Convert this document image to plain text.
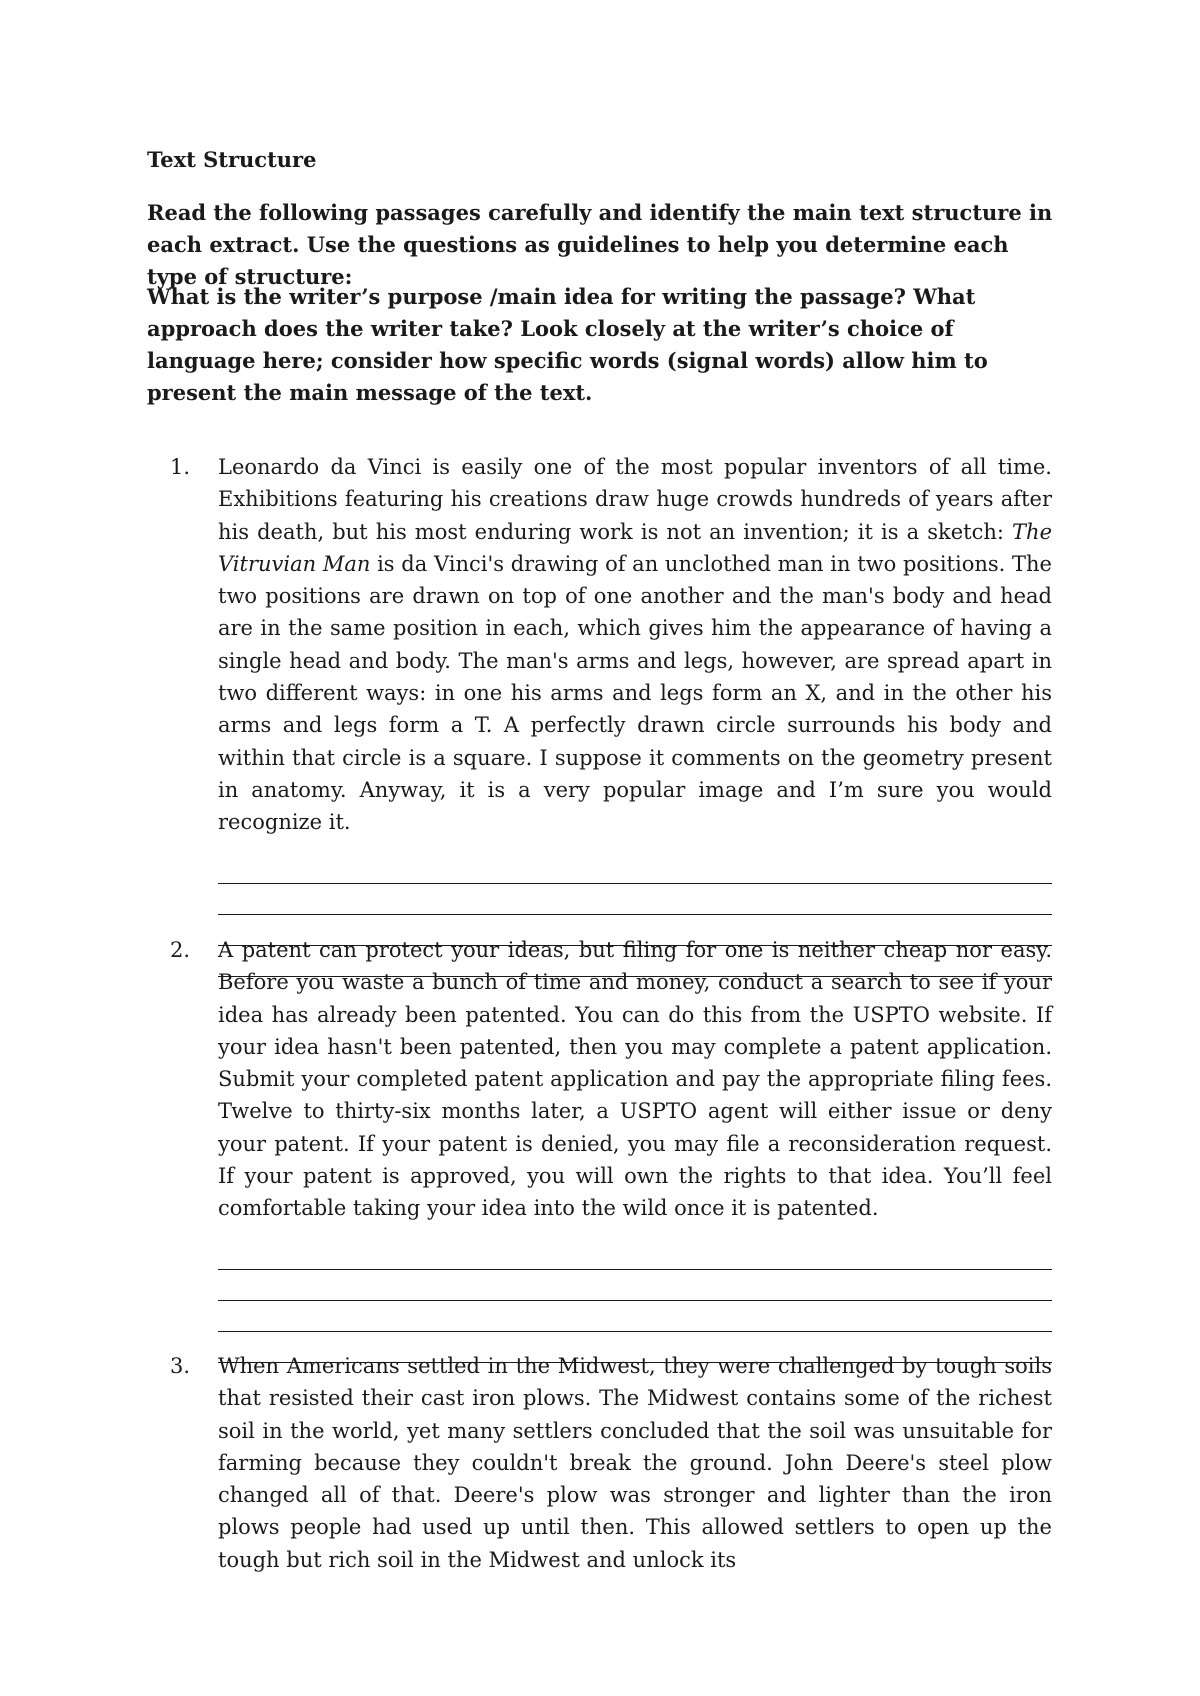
Text Structure

Read the following passages carefully and identify the main text structure in each extract. Use the questions as guidelines to help you determine each type of structure:

What is the writer’s purpose /main idea for writing the passage? What approach does the writer take? Look closely at the writer’s choice of language here; consider how specific words (signal words) allow him to present the main message of the text.

1. Leonardo da Vinci is easily one of the most popular inventors of all time. Exhibitions featuring his creations draw huge crowds hundreds of years after his death, but his most enduring work is not an invention; it is a sketch: The Vitruvian Man is da Vinci's drawing of an unclothed man in two positions. The two positions are drawn on top of one another and the man's body and head are in the same position in each, which gives him the appearance of having a single head and body. The man's arms and legs, however, are spread apart in two different ways: in one his arms and legs form an X, and in the other his arms and legs form a T. A perfectly drawn circle surrounds his body and within that circle is a square. I suppose it comments on the geometry present in anatomy. Anyway, it is a very popular image and I’m sure you would recognize it.

2. A patent can protect your ideas, but filing for one is neither cheap nor easy. Before you waste a bunch of time and money, conduct a search to see if your idea has already been patented. You can do this from the USPTO website. If your idea hasn't been patented, then you may complete a patent application. Submit your completed patent application and pay the appropriate filing fees. Twelve to thirty-six months later, a USPTO agent will either issue or deny your patent. If your patent is denied, you may file a reconsideration request. If your patent is approved, you will own the rights to that idea. You’ll feel comfortable taking your idea into the wild once it is patented.

3. When Americans settled in the Midwest, they were challenged by tough soils that resisted their cast iron plows. The Midwest contains some of the richest soil in the world, yet many settlers concluded that the soil was unsuitable for farming because they couldn't break the ground. John Deere's steel plow changed all of that. Deere's plow was stronger and lighter than the iron plows people had used up until then. This allowed settlers to open up the tough but rich soil in the Midwest and unlock its
